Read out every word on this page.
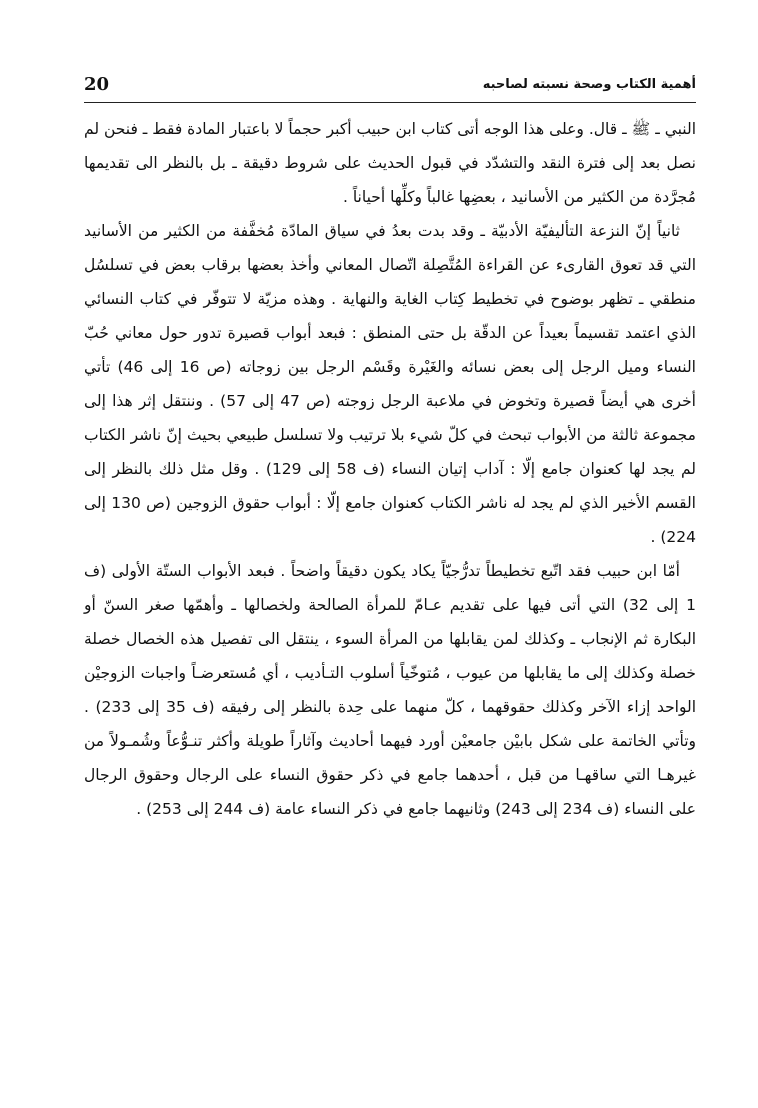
20	أهمية الكتاب وصحة نسبته لصاحبه

النبي ـ ﷺ ـ قال. وعلى هذا الوجه أتى كتاب ابن حبيب أكبر حجماً لا باعتبار المادة فقط ـ فنحن لم نصل بعد إلى فترة النقد والتشدّد في قبول الحديث على شروط دقيقة ـ بل بالنظر الى تقديمها مُجرَّدة من الكثير من الأسانيد ، بعضِها غالباً وكلِّها أحياناً .

ثانياً إنّ النزعة التأليفيّة الأدبيّة ـ وقد بدت بعدُ في سياق المادّة مُخفَّفة من الكثير من الأسانيد التي قد تعوق القارىء عن القراءة المُتَّصِلة اتّصال المعاني وأخذ بعضها برقاب بعض في تسلسُل منطقي ـ تظهر بوضوح في تخطيط كِتاب الغاية والنهاية . وهذه مزيّة لا تتوفّر في كتاب النسائي الذي اعتمد تقسيماً بعيداً عن الدقّة بل حتى المنطق : فبعد أبواب قصيرة تدور حول معاني حُبّ النساء وميل الرجل إلى بعض نسائه والغَيْرة وقَسْم الرجل بين زوجاته (ص 16 إلى 46) تأتي أخرى هي أيضاً قصيرة وتخوض في ملاعبة الرجل زوجته (ص 47 إلى 57) . وننتقل إثر هذا إلى مجموعة ثالثة من الأبواب تبحث في كلّ شيء بلا ترتيب ولا تسلسل طبيعي بحيث إنّ ناشر الكتاب لم يجد لها كعنوان جامع إلّا : آداب إتيان النساء (ف 58 إلى 129) . وقل مثل ذلك بالنظر إلى القسم الأخير الذي لم يجد له ناشر الكتاب كعنوان جامع إلّا : أبواب حقوق الزوجين (ص 130 إلى 224) .

أمّا ابن حبيب فقد اتّبع تخطيطاً تدرُّجيّاً يكاد يكون دقيقاً واضحاً . فبعد الأبواب الستّة الأولى (ف 1 إلى 32) التي أتى فيها على تقديم عـامّ للمرأة الصالحة ولخصالها ـ وأهمّها صغر السنّ أو البكارة ثم الإنجاب ـ وكذلك لمن يقابلها من المرأة السوء ، ينتقل الى تفصيل هذه الخصال خصلة خصلة وكذلك إلى ما يقابلها من عيوب ، مُتوخّياً أسلوب التـأديب ، أي مُستعرضـاً واجبات الزوجيْن الواحد إزاء الآخر وكذلك حقوقهما ، كلّ منهما على حِدة بالنظر إلى رفيقه (ف 35 إلى 233) . وتأتي الخاتمة على شكل بابيْن جامعيْن أورد فيهما أحاديث وآثاراً طويلة وأكثر تنـوُّعاً وشُمـولاً من غيرهـا التي ساقهـا من قبل ، أحدهما جامع في ذكر حقوق النساء على الرجال وحقوق الرجال على النساء (ف 234 إلى 243) وثانيهما جامع في ذكر النساء عامة (ف 244 إلى 253) .
